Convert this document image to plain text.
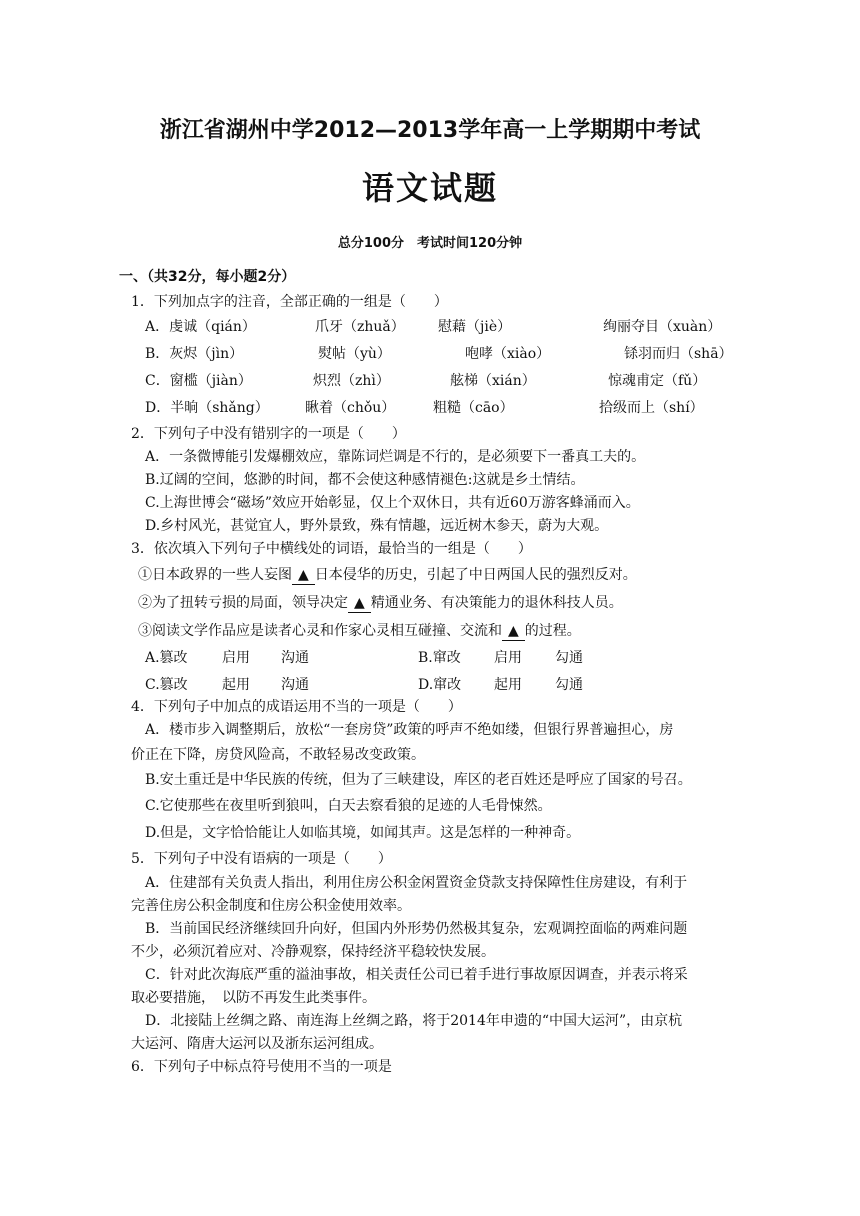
浙江省湖州中学2012—2013学年高一上学期期中考试
语文试题
总分100分　考试时间120分钟
一、（共32分，每小题2分）
1．下列加点字的注音，全部正确的一组是（　　）
A．虔诚（qián）	爪牙（zhuǎ） 慰藉（jiè）	绚丽夺目（xuàn）
B．灰烬（jìn）	熨帖（yù）	咆哮（xiào）	铩羽而归（shā）
C．窗槛（jiàn）	炽烈（zhì）	舷梯（xián）	惊魂甫定（fǔ）
D．半晌（shǎng）	瞅着（chǒu）	粗糙（cāo）	拾级而上（shí）
2．下列句子中没有错别字的一项是（　　）
A．一条微博能引发爆棚效应，靠陈词烂调是不行的，是必须要下一番真工夫的。
B.辽阔的空间，悠渺的时间，都不会使这种感情褪色:这就是乡土情结。
C.上海世博会“磁场”效应开始彰显，仅上个双休日，共有近60万游客蜂涌而入。
D.乡村风光，甚觉宜人，野外景致，殊有情趣，远近树木参天，蔚为大观。
3．依次填入下列句子中横线处的词语，最恰当的一组是（　　）
①日本政界的一些人妄图 ▲ 日本侵华的历史，引起了中日两国人民的强烈反对。
②为了扭转亏损的局面，领导决定 ▲ 精通业务、有决策能力的退休科技人员。
③阅读文学作品应是读者心灵和作家心灵相互碰撞、交流和 ▲ 的过程。
A.篡改 启用 沟通	B.窜改 启用 勾通
C.篡改 起用 沟通	D.窜改 起用 勾通
4．下列句子中加点的成语运用不当的一项是（　　）
A．楼市步入调整期后，放松“一套房贷”政策的呼声不绝如缕，但银行界普遍担心，房
价正在下降，房贷风险高，不敢轻易改变政策。
B.安土重迁是中华民族的传统，但为了三峡建设，库区的老百姓还是呼应了国家的号召。
C.它使那些在夜里听到狼叫，白天去察看狼的足迹的人毛骨悚然。
D.但是，文字恰恰能让人如临其境，如闻其声。这是怎样的一种神奇。
5．下列句子中没有语病的一项是（　　）
A．住建部有关负责人指出，利用住房公积金闲置资金贷款支持保障性住房建设，有利于
完善住房公积金制度和住房公积金使用效率。
B．当前国民经济继续回升向好，但国内外形势仍然极其复杂，宏观调控面临的两难问题
不少，必须沉着应对、冷静观察，保持经济平稳较快发展。
C．针对此次海底严重的溢油事故，相关责任公司已着手进行事故原因调查，并表示将采
取必要措施，　以防不再发生此类事件。
D．北接陆上丝绸之路、南连海上丝绸之路，将于2014年申遗的“中国大运河”，由京杭
大运河、隋唐大运河以及浙东运河组成。
6．下列句子中标点符号使用不当的一项是
